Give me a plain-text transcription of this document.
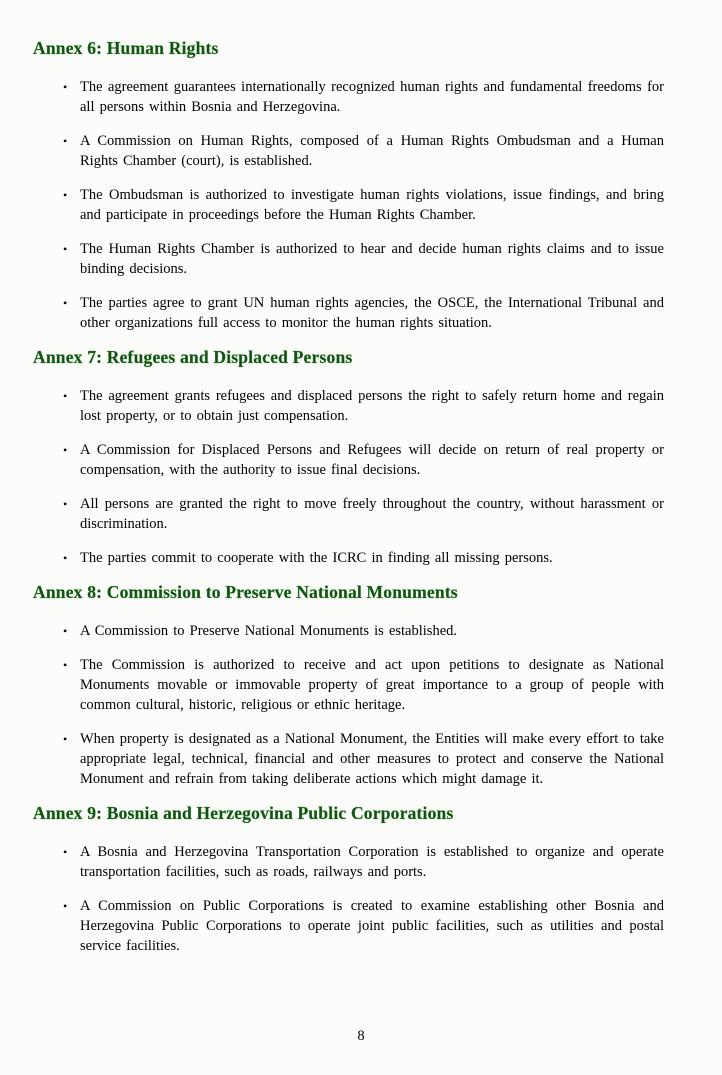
Annex 6: Human Rights
• The agreement guarantees internationally recognized human rights and fundamental freedoms for all persons within Bosnia and Herzegovina.

• A Commission on Human Rights, composed of a Human Rights Ombudsman and a Human Rights Chamber (court), is established.

• The Ombudsman is authorized to investigate human rights violations, issue findings, and bring and participate in proceedings before the Human Rights Chamber.

• The Human Rights Chamber is authorized to hear and decide human rights claims and to issue binding decisions.

• The parties agree to grant UN human rights agencies, the OSCE, the International Tribunal and other organizations full access to monitor the human rights situation.

Annex 7: Refugees and Displaced Persons
• The agreement grants refugees and displaced persons the right to safely return home and regain lost property, or to obtain just compensation.

• A Commission for Displaced Persons and Refugees will decide on return of real property or compensation, with the authority to issue final decisions.

• All persons are granted the right to move freely throughout the country, without harassment or discrimination.

• The parties commit to cooperate with the ICRC in finding all missing persons.

Annex 8: Commission to Preserve National Monuments
• A Commission to Preserve National Monuments is established.

• The Commission is authorized to receive and act upon petitions to designate as National Monuments movable or immovable property of great importance to a group of people with common cultural, historic, religious or ethnic heritage.

• When property is designated as a National Monument, the Entities will make every effort to take appropriate legal, technical, financial and other measures to protect and conserve the National Monument and refrain from taking deliberate actions which might damage it.

Annex 9: Bosnia and Herzegovina Public Corporations
• A Bosnia and Herzegovina Transportation Corporation is established to organize and operate transportation facilities, such as roads, railways and ports.

• A Commission on Public Corporations is created to examine establishing other Bosnia and Herzegovina Public Corporations to operate joint public facilities, such as utilities and postal service facilities.

8
